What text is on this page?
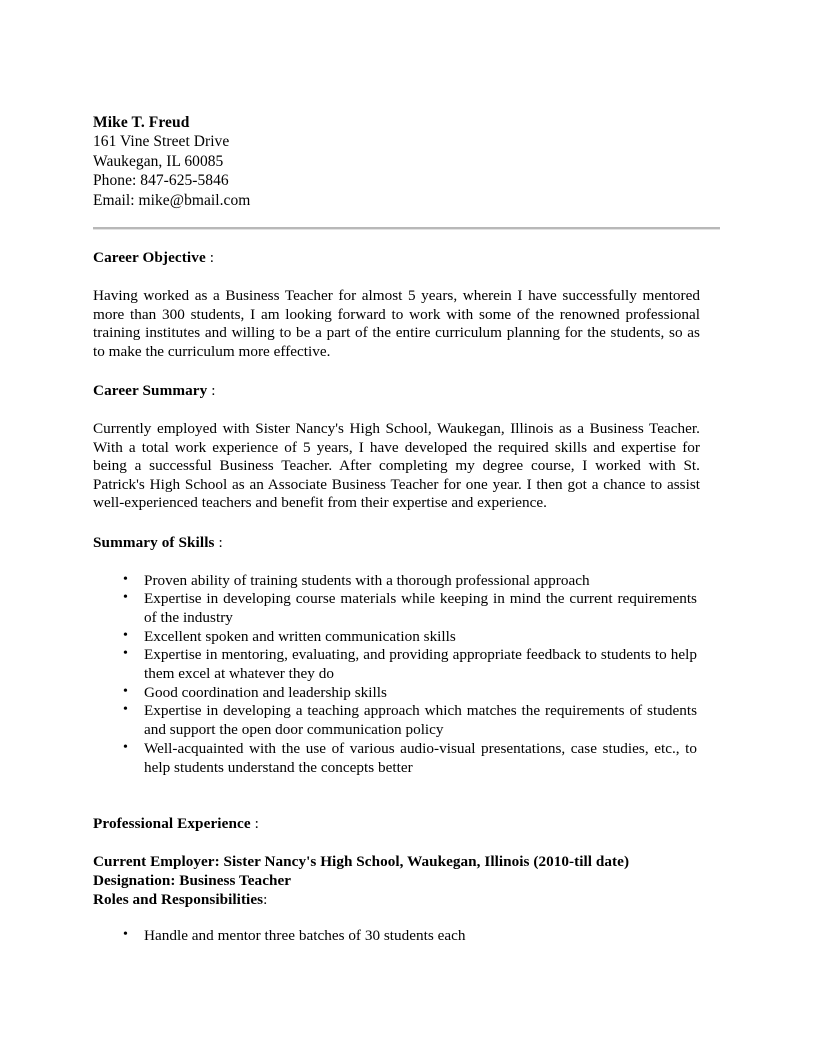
Mike T. Freud
161 Vine Street Drive
Waukegan, IL 60085
Phone: 847-625-5846
Email: mike@bmail.com
Career Objective :
Having worked as a Business Teacher for almost 5 years, wherein I have successfully mentored more than 300 students, I am looking forward to work with some of the renowned professional training institutes and willing to be a part of the entire curriculum planning for the students, so as to make the curriculum more effective.
Career Summary :
Currently employed with Sister Nancy's High School, Waukegan, Illinois as a Business Teacher. With a total work experience of 5 years, I have developed the required skills and expertise for being a successful Business Teacher. After completing my degree course, I worked with St. Patrick's High School as an Associate Business Teacher for one year. I then got a chance to assist well-experienced teachers and benefit from their expertise and experience.
Summary of Skills :
• Proven ability of training students with a thorough professional approach
• Expertise in developing course materials while keeping in mind the current requirements of the industry
• Excellent spoken and written communication skills
• Expertise in mentoring, evaluating, and providing appropriate feedback to students to help them excel at whatever they do
• Good coordination and leadership skills
• Expertise in developing a teaching approach which matches the requirements of students and support the open door communication policy
• Well-acquainted with the use of various audio-visual presentations, case studies, etc., to help students understand the concepts better
Professional Experience :
Current Employer: Sister Nancy's High School, Waukegan, Illinois (2010-till date)
Designation: Business Teacher
Roles and Responsibilities:
• Handle and mentor three batches of 30 students each
